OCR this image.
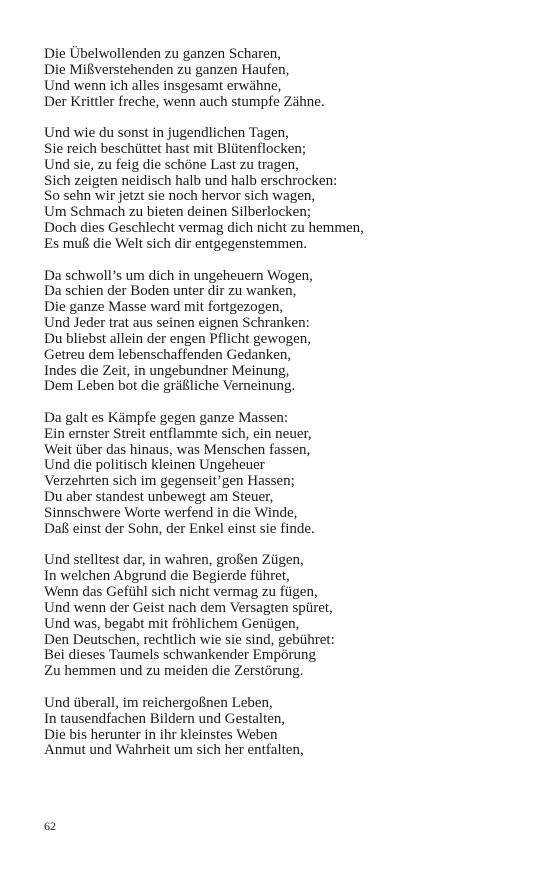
Die Übelwollenden zu ganzen Scharen,
Die Mißverstehenden zu ganzen Haufen,
Und wenn ich alles insgesamt erwähne,
Der Krittler freche, wenn auch stumpfe Zähne.
Und wie du sonst in jugendlichen Tagen,
Sie reich beschüttet hast mit Blütenflocken;
Und sie, zu feig die schöne Last zu tragen,
Sich zeigten neidisch halb und halb erschrocken:
So sehn wir jetzt sie noch hervor sich wagen,
Um Schmach zu bieten deinen Silberlocken;
Doch dies Geschlecht vermag dich nicht zu hemmen,
Es muß die Welt sich dir entgegenstemmen.
Da schwoll’s um dich in ungeheuern Wogen,
Da schien der Boden unter dir zu wanken,
Die ganze Masse ward mit fortgezogen,
Und Jeder trat aus seinen eignen Schranken:
Du bliebst allein der engen Pflicht gewogen,
Getreu dem lebenschaffenden Gedanken,
Indes die Zeit, in ungebundner Meinung,
Dem Leben bot die gräßliche Verneinung.
Da galt es Kämpfe gegen ganze Massen:
Ein ernster Streit entflammte sich, ein neuer,
Weit über das hinaus, was Menschen fassen,
Und die politisch kleinen Ungeheuer
Verzehrten sich im gegenseit’gen Hassen;
Du aber standest unbewegt am Steuer,
Sinnschwere Worte werfend in die Winde,
Daß einst der Sohn, der Enkel einst sie finde.
Und stelltest dar, in wahren, großen Zügen,
In welchen Abgrund die Begierde führet,
Wenn das Gefühl sich nicht vermag zu fügen,
Und wenn der Geist nach dem Versagten spüret,
Und was, begabt mit fröhlichem Genügen,
Den Deutschen, rechtlich wie sie sind, gebühret:
Bei dieses Taumels schwankender Empörung
Zu hemmen und zu meiden die Zerstörung.
Und überall, im reichergoßnen Leben,
In tausendfachen Bildern und Gestalten,
Die bis herunter in ihr kleinstes Weben
Anmut und Wahrheit um sich her entfalten,
62
